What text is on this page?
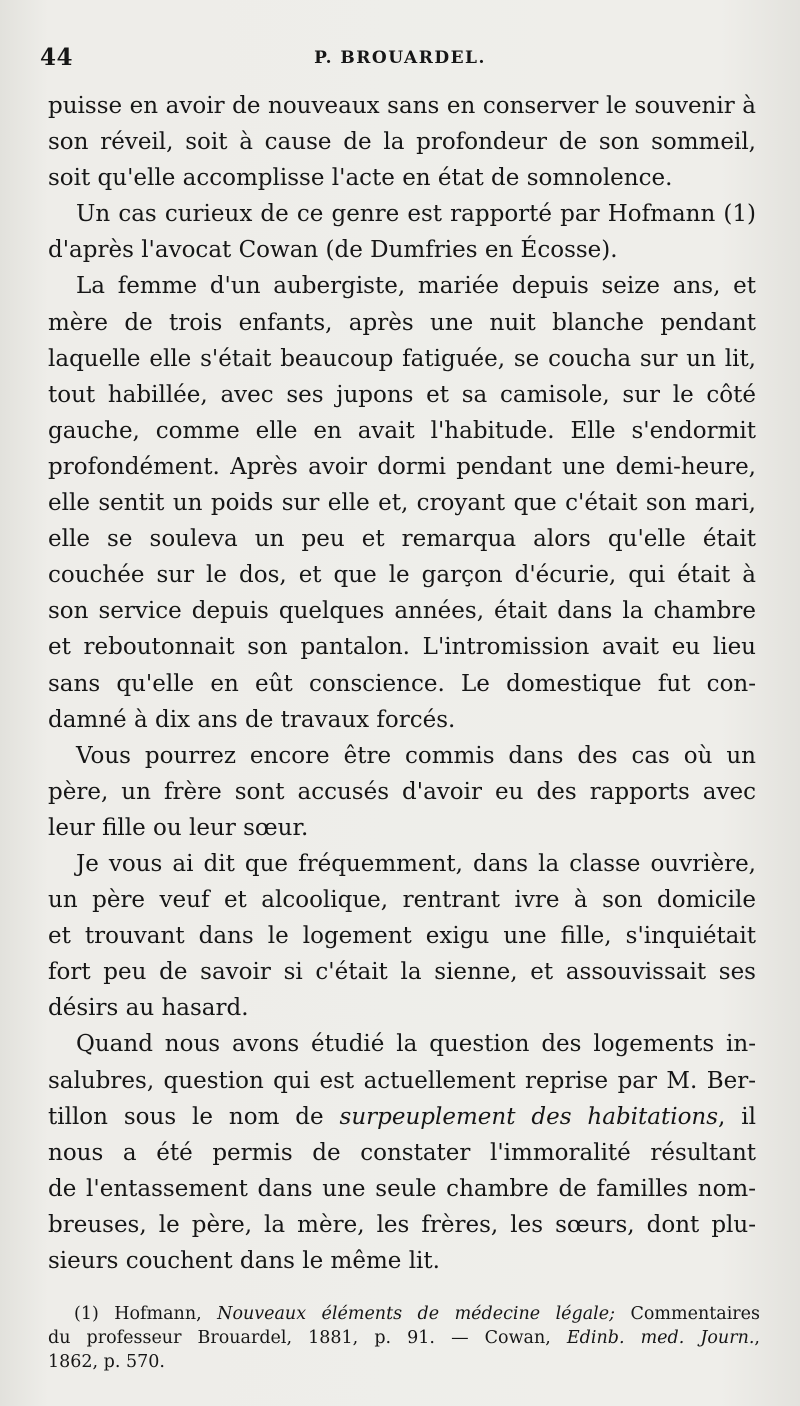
44	P. BROUARDEL.
puisse en avoir de nouveaux sans en conserver le souvenir à
son réveil, soit à cause de la profondeur de son sommeil,
soit qu'elle accomplisse l'acte en état de somnolence.
Un cas curieux de ce genre est rapporté par Hofmann (1)
d'après l'avocat Cowan (de Dumfries en Écosse).
La femme d'un aubergiste, mariée depuis seize ans, et
mère de trois enfants, après une nuit blanche pendant
laquelle elle s'était beaucoup fatiguée, se coucha sur un lit,
tout habillée, avec ses jupons et sa camisole, sur le côté
gauche, comme elle en avait l'habitude. Elle s'endormit
profondément. Après avoir dormi pendant une demi-heure,
elle sentit un poids sur elle et, croyant que c'était son mari,
elle se souleva un peu et remarqua alors qu'elle était
couchée sur le dos, et que le garçon d'écurie, qui était à
son service depuis quelques années, était dans la chambre
et reboutonnait son pantalon. L'intromission avait eu lieu
sans qu'elle en eût conscience. Le domestique fut con-
damné à dix ans de travaux forcés.
Vous pourrez encore être commis dans des cas où un
père, un frère sont accusés d'avoir eu des rapports avec
leur fille ou leur sœur.
Je vous ai dit que fréquemment, dans la classe ouvrière,
un père veuf et alcoolique, rentrant ivre à son domicile
et trouvant dans le logement exigu une fille, s'inquiétait
fort peu de savoir si c'était la sienne, et assouvissait ses
désirs au hasard.
Quand nous avons étudié la question des logements in-
salubres, question qui est actuellement reprise par M. Ber-
tillon sous le nom de surpeuplement des habitations, il
nous a été permis de constater l'immoralité résultant
de l'entassement dans une seule chambre de familles nom-
breuses, le père, la mère, les frères, les sœurs, dont plu-
sieurs couchent dans le même lit.
(1) Hofmann, Nouveaux éléments de médecine légale; Commentaires
du professeur Brouardel, 1881, p. 91. — Cowan, Edinb. med. Journ.,
1862, p. 570.
